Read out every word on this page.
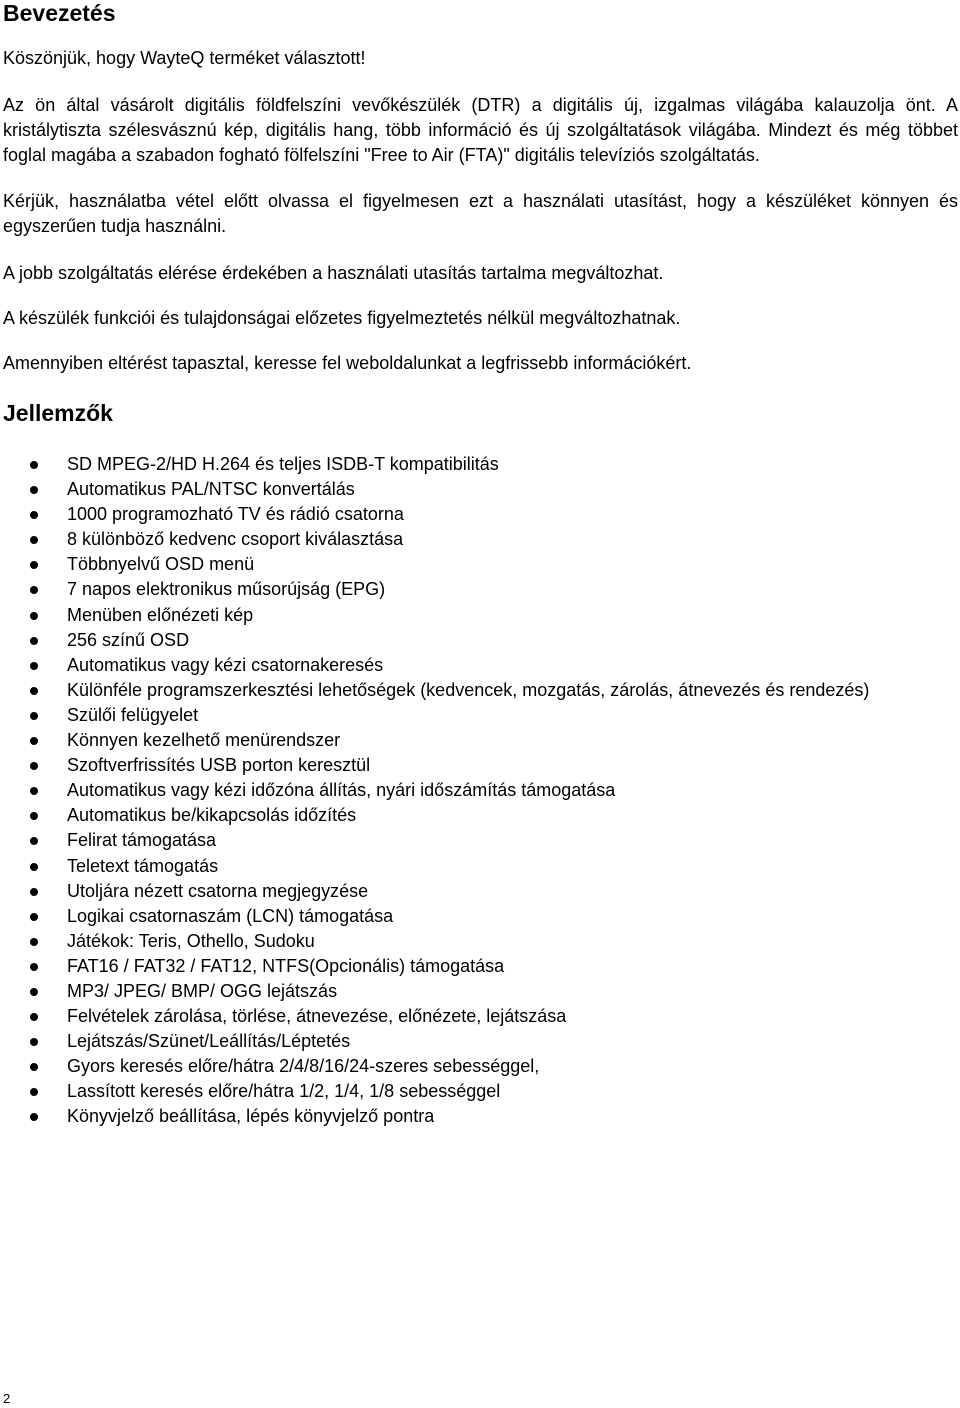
Bevezetés

Köszönjük, hogy WayteQ terméket választott!

Az ön által vásárolt digitális földfelszíni vevőkészülék (DTR) a digitális új, izgalmas világába kalauzolja önt. A kristálytiszta szélesvásznú kép, digitális hang, több információ és új szolgáltatások világába. Mindezt és még többet foglal magába a szabadon fogható fölfelszíni "Free to Air (FTA)" digitális televíziós szolgáltatás.

Kérjük, használatba vétel előtt olvassa el figyelmesen ezt a használati utasítást, hogy a készüléket könnyen és egyszerűen tudja használni.

A jobb szolgáltatás elérése érdekében a használati utasítás tartalma megváltozhat.

A készülék funkciói és tulajdonságai előzetes figyelmeztetés nélkül megváltozhatnak.

Amennyiben eltérést tapasztal, keresse fel weboldalunkat a legfrissebb információkért.

Jellemzők
SD MPEG-2/HD H.264 és teljes ISDB-T kompatibilitás
Automatikus PAL/NTSC konvertálás
1000 programozható TV és rádió csatorna
8 különböző kedvenc csoport kiválasztása
Többnyelvű OSD menü
7 napos elektronikus műsorújság (EPG)
Menüben előnézeti kép
256 színű OSD
Automatikus vagy kézi csatornakeresés
Különféle programszerkesztési lehetőségek (kedvencek, mozgatás, zárolás, átnevezés és rendezés)
Szülői felügyelet
Könnyen kezelhető menürendszer
Szoftverfrissítés USB porton keresztül
Automatikus vagy kézi időzóna állítás, nyári időszámítás támogatása
Automatikus be/kikapcsolás időzítés
Felirat támogatása
Teletext támogatás
Utoljára nézett csatorna megjegyzése
Logikai csatornaszám (LCN) támogatása
Játékok: Teris, Othello, Sudoku
FAT16 / FAT32 / FAT12, NTFS(Opcionális) támogatása
MP3/ JPEG/ BMP/ OGG lejátszás
Felvételek zárolása, törlése, átnevezése, előnézete, lejátszása
Lejátszás/Szünet/Leállítás/Léptetés
Gyors keresés előre/hátra 2/4/8/16/24-szeres sebességgel,
Lassított keresés előre/hátra 1/2, 1/4, 1/8 sebességgel
Könyvjelző beállítása, lépés könyvjelző pontra
2
